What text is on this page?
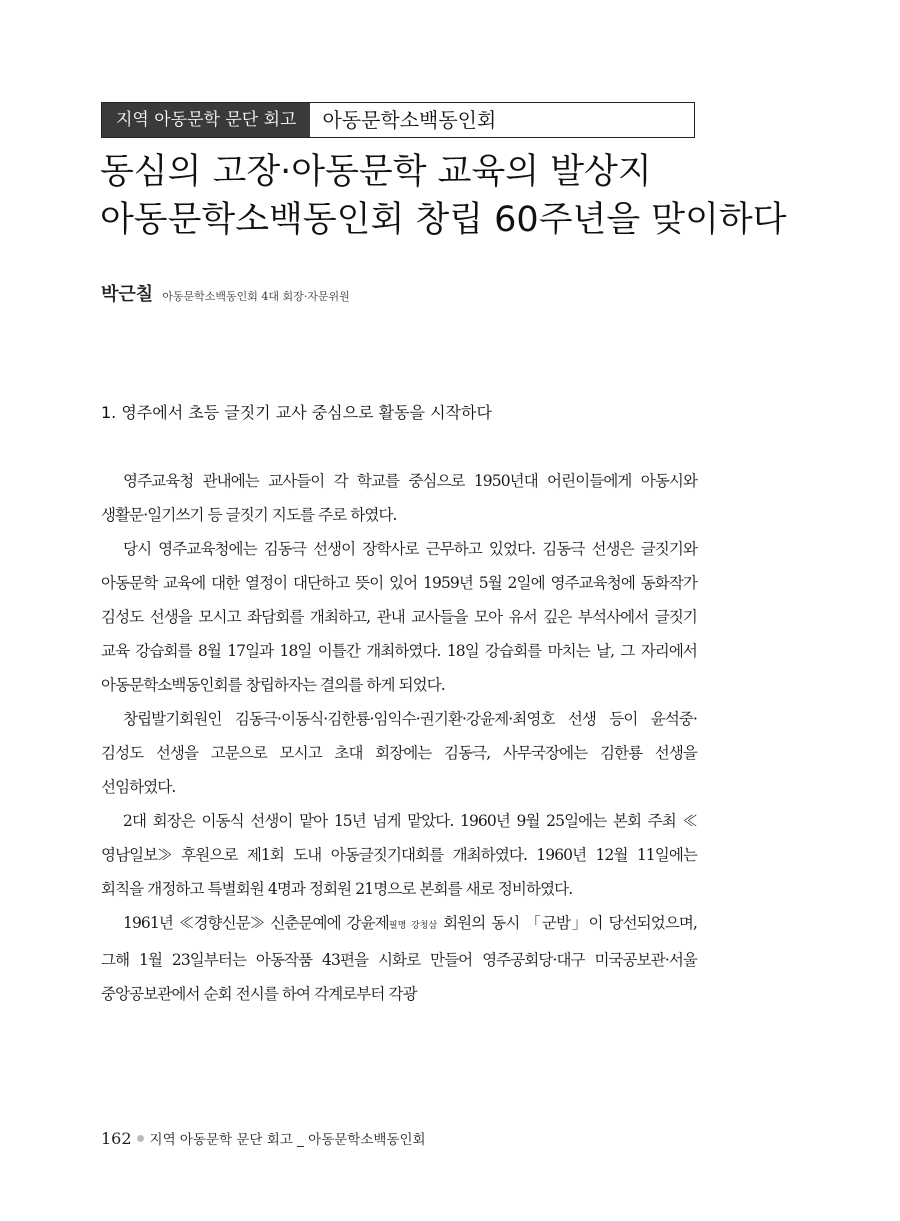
지역 아동문학 문단 회고	아동문학소백동인회
동심의 고장·아동문학 교육의 발상지
아동문학소백동인회 창립 60주년을 맞이하다
박근칠 아동문학소백동인회 4대 회장·자문위원
1. 영주에서 초등 글짓기 교사 중심으로 활동을 시작하다

영주교육청 관내에는 교사들이 각 학교를 중심으로 1950년대 어린이들에게 아동시와 생활문·일기쓰기 등 글짓기 지도를 주로 하였다.

당시 영주교육청에는 김동극 선생이 장학사로 근무하고 있었다. 김동극 선생은 글짓기와 아동문학 교육에 대한 열정이 대단하고 뜻이 있어 1959년 5월 2일에 영주교육청에 동화작가 김성도 선생을 모시고 좌담회를 개최하고, 관내 교사들을 모아 유서 깊은 부석사에서 글짓기 교육 강습회를 8월 17일과 18일 이틀간 개최하였다. 18일 강습회를 마치는 날, 그 자리에서 아동문학소백동인회를 창립하자는 결의를 하게 되었다.

창립발기회원인 김동극·이동식·김한룡·임익수·권기환·강윤제·최영호 선생 등이 윤석중·김성도 선생을 고문으로 모시고 초대 회장에는 김동극, 사무국장에는 김한룡 선생을 선임하였다.

2대 회장은 이동식 선생이 맡아 15년 넘게 맡았다. 1960년 9월 25일에는 본회 주최 ≪영남일보≫ 후원으로 제1회 도내 아동글짓기대회를 개최하였다. 1960년 12월 11일에는 회칙을 개정하고 특별회원 4명과 정회원 21명으로 본회를 새로 정비하였다.

1961년 ≪경향신문≫ 신춘문예에 강윤제필명 강청삼 회원의 동시 「군밤」이 당선되었으며, 그해 1월 23일부터는 아동작품 43편을 시화로 만들어 영주공회당·대구 미국공보관·서울 중앙공보관에서 순회 전시를 하여 각계로부터 각광

162 지역 아동문학 문단 회고 _ 아동문학소백동인회
